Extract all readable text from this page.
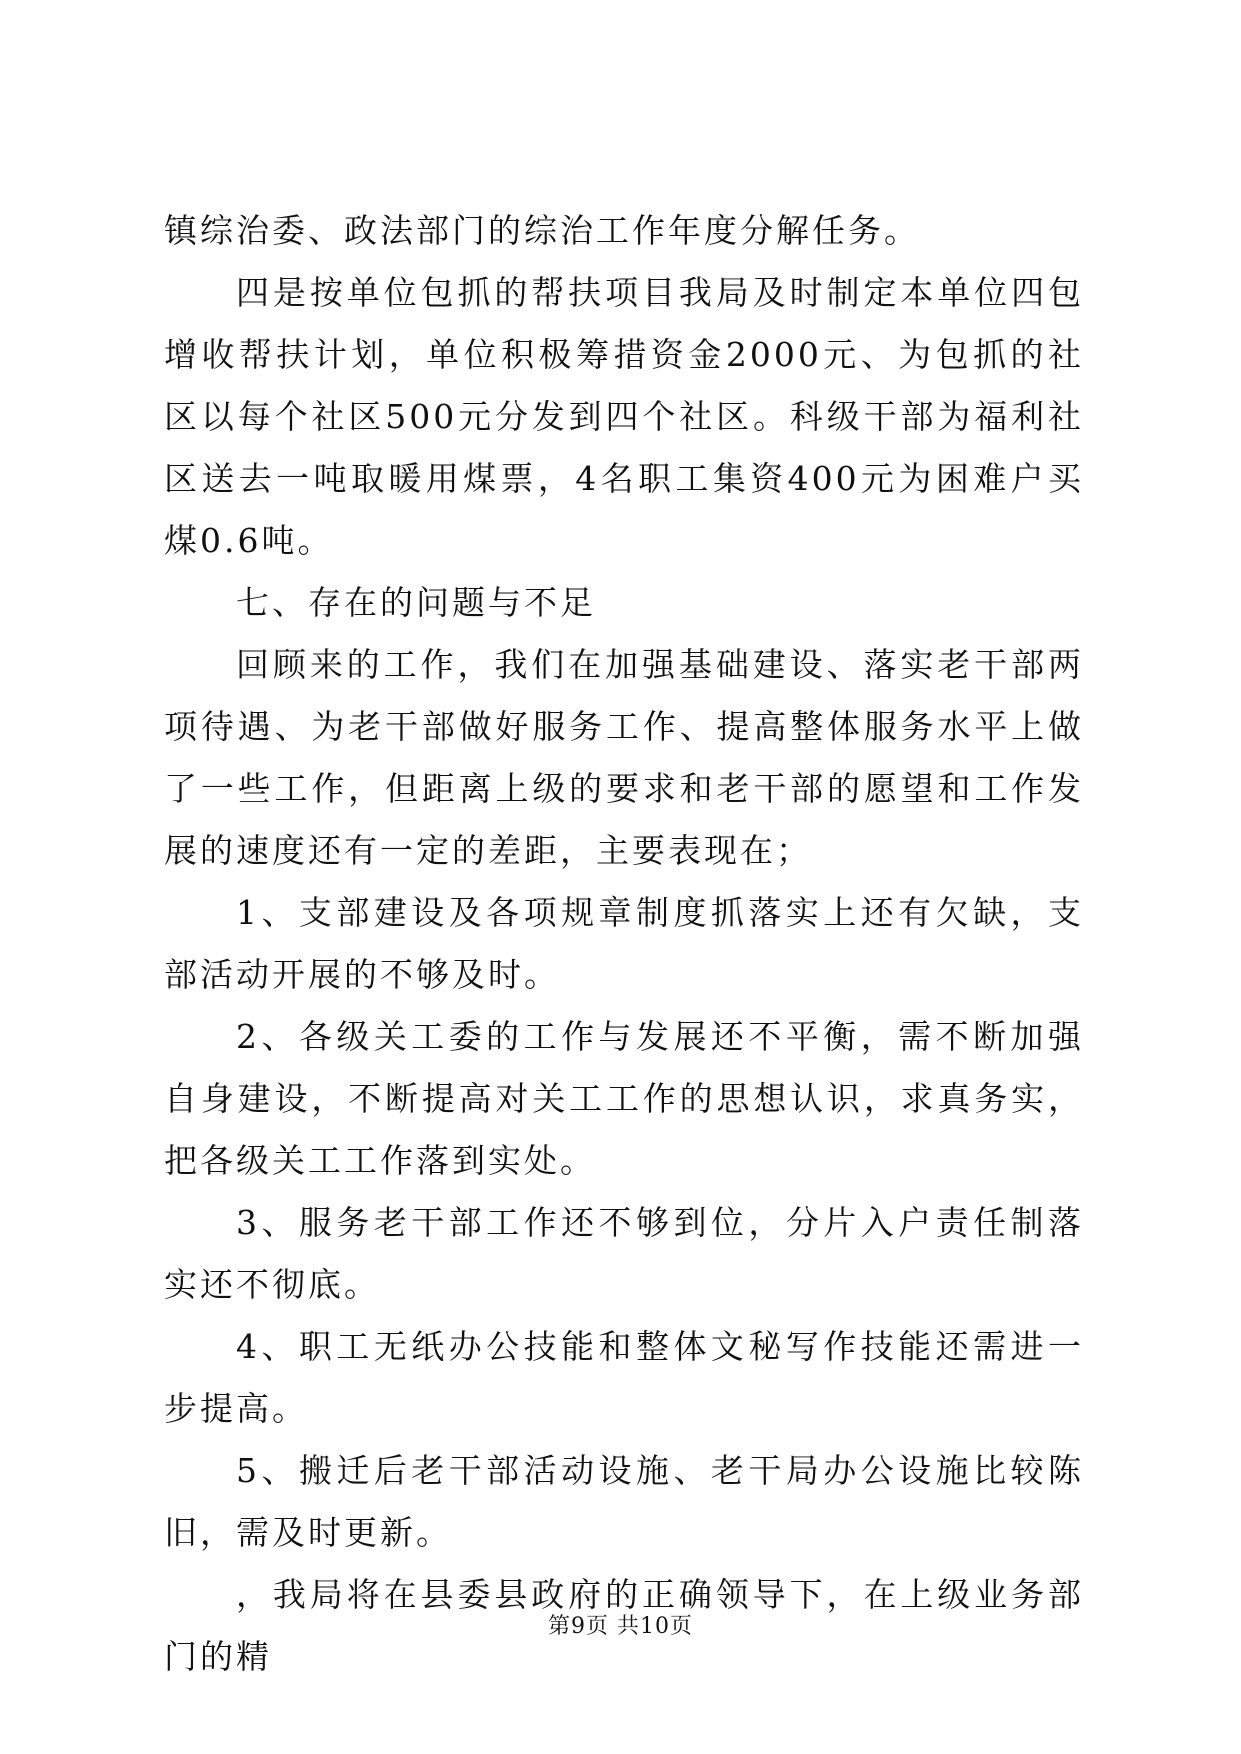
镇综治委、政法部门的综治工作年度分解任务。

四是按单位包抓的帮扶项目我局及时制定本单位四包增收帮扶计划，单位积极筹措资金2000元、为包抓的社区以每个社区500元分发到四个社区。科级干部为福利社区送去一吨取暖用煤票，4名职工集资400元为困难户买煤0.6吨。

七、存在的问题与不足

回顾来的工作，我们在加强基础建设、落实老干部两项待遇、为老干部做好服务工作、提高整体服务水平上做了一些工作，但距离上级的要求和老干部的愿望和工作发展的速度还有一定的差距，主要表现在；

1、支部建设及各项规章制度抓落实上还有欠缺，支部活动开展的不够及时。

2、各级关工委的工作与发展还不平衡，需不断加强自身建设，不断提高对关工工作的思想认识，求真务实，把各级关工工作落到实处。

3、服务老干部工作还不够到位，分片入户责任制落实还不彻底。

4、职工无纸办公技能和整体文秘写作技能还需进一步提高。

5、搬迁后老干部活动设施、老干局办公设施比较陈旧，需及时更新。

，我局将在县委县政府的正确领导下，在上级业务部门的精

第9页 共10页
